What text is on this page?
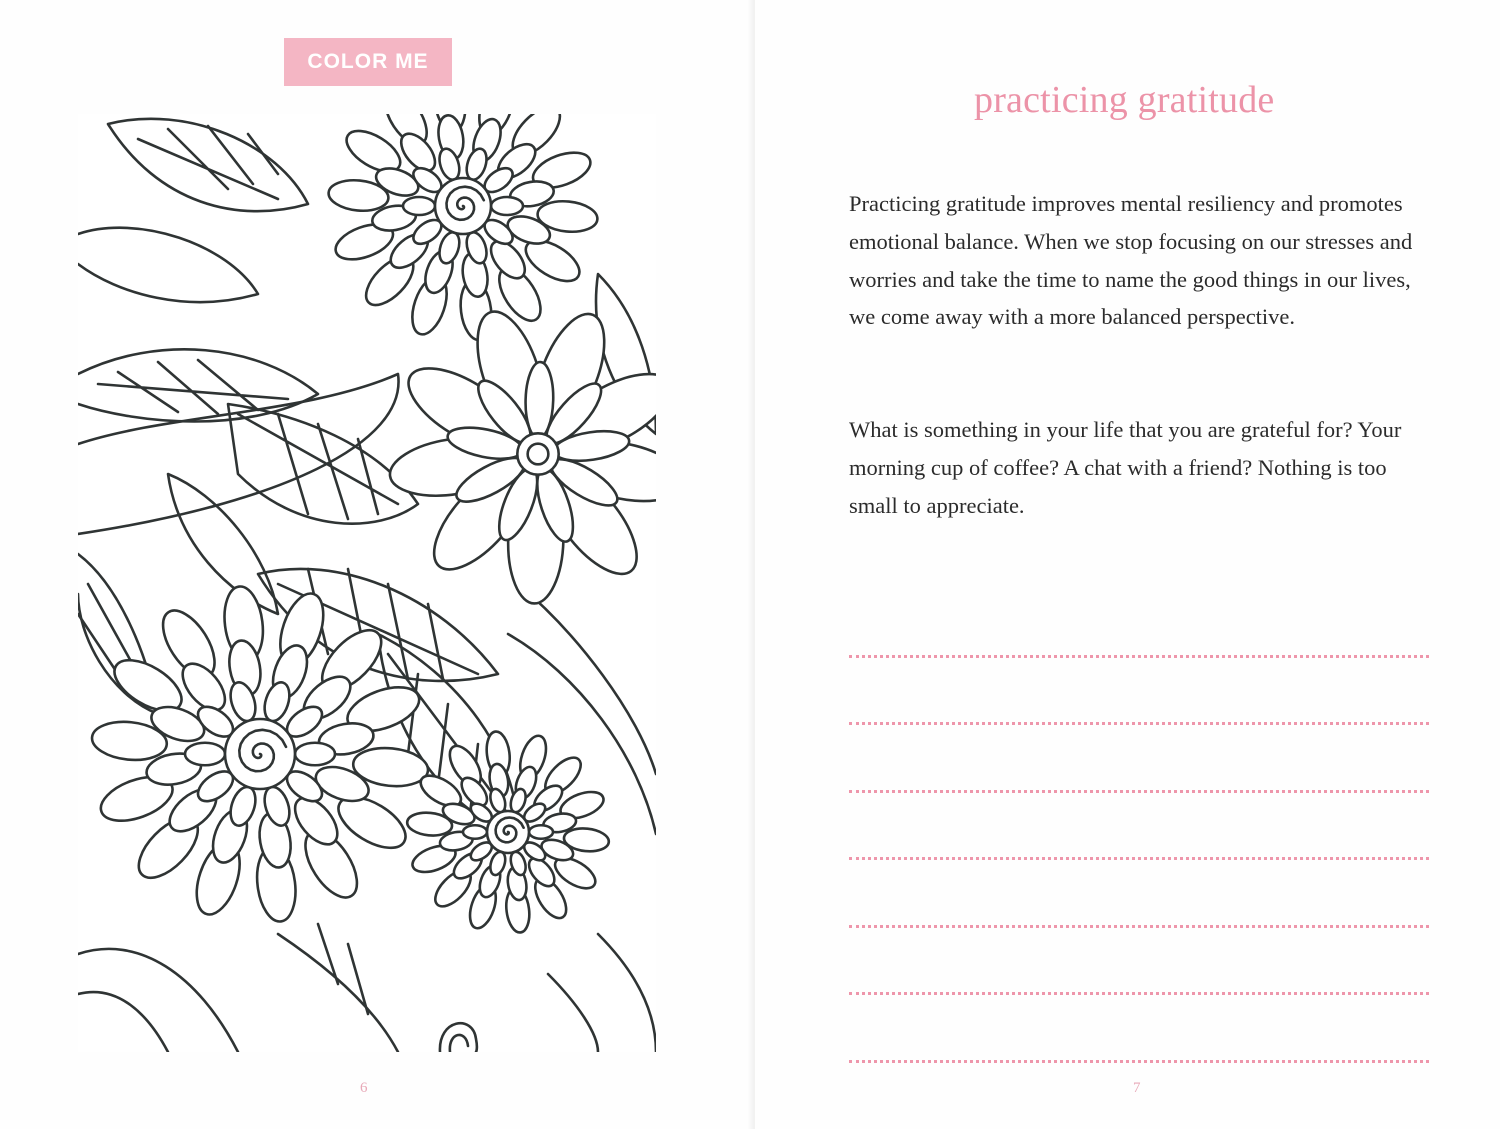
COLOR ME
6
practicing gratitude
Practicing gratitude improves mental resiliency and promotes emotional balance. When we stop focusing on our stresses and worries and take the time to name the good things in our lives, we come away with a more balanced perspective.
What is something in your life that you are grateful for? Your morning cup of coffee? A chat with a friend? Nothing is too small to appreciate.
7
